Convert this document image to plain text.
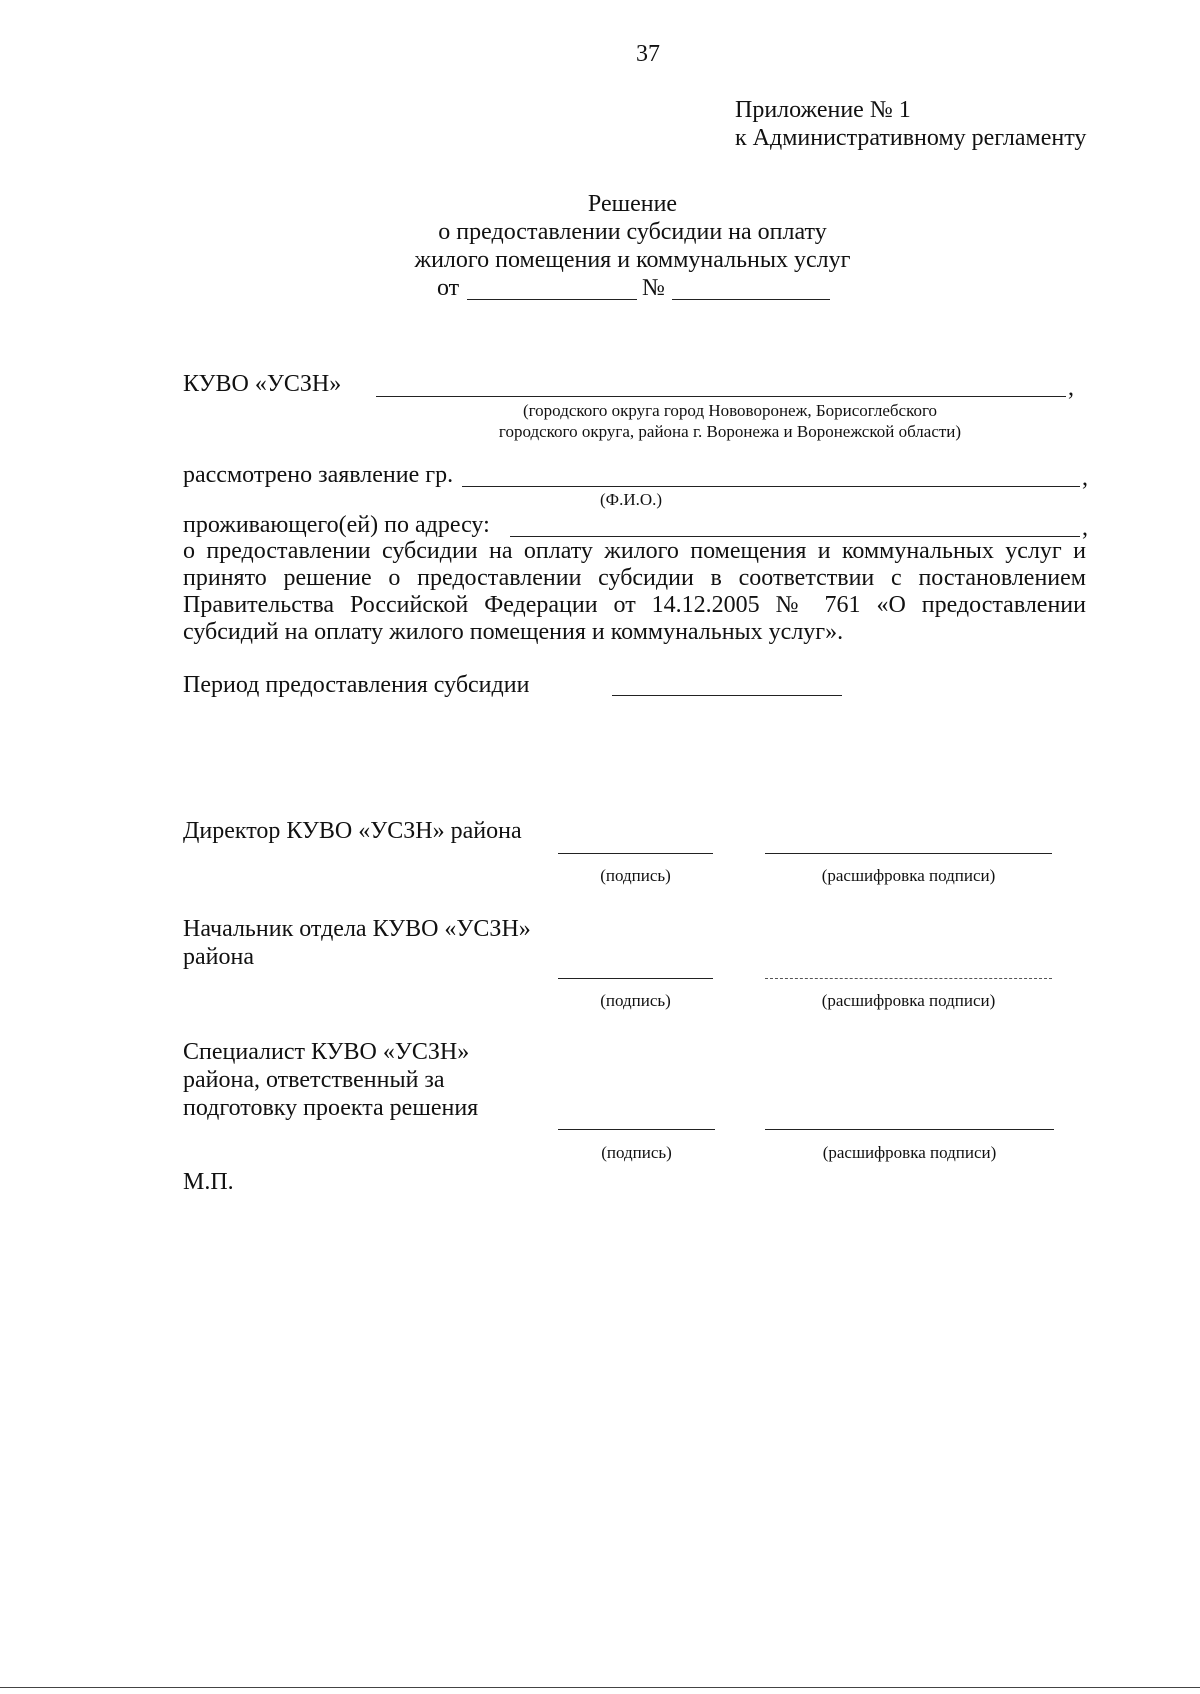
37
Приложение № 1
к Административному регламенту
Решение
о предоставлении субсидии на оплату
жилого помещения и коммунальных услуг
от	№
КУВО «УСЗН»	,
(городского округа город Нововоронеж, Борисоглебского
городского округа, района г. Воронежа и Воронежской области)
рассмотрено заявление гр.	,
(Ф.И.О.)
проживающего(ей) по адресу:	,
о предоставлении субсидии на оплату жилого помещения и коммунальных услуг и
принято решение о предоставлении субсидии в соответствии с постановлением
Правительства Российской Федерации от 14.12.2005 № 761 «О предоставлении
субсидий на оплату жилого помещения и коммунальных услуг».
Период предоставления субсидии
Директор КУВО «УСЗН» района
(подпись)	(расшифровка подписи)
Начальник отдела КУВО «УСЗН»
района
(подпись)	(расшифровка подписи)
Специалист КУВО «УСЗН»
района, ответственный за
подготовку проекта решения
(подпись)	(расшифровка подписи)
М.П.
